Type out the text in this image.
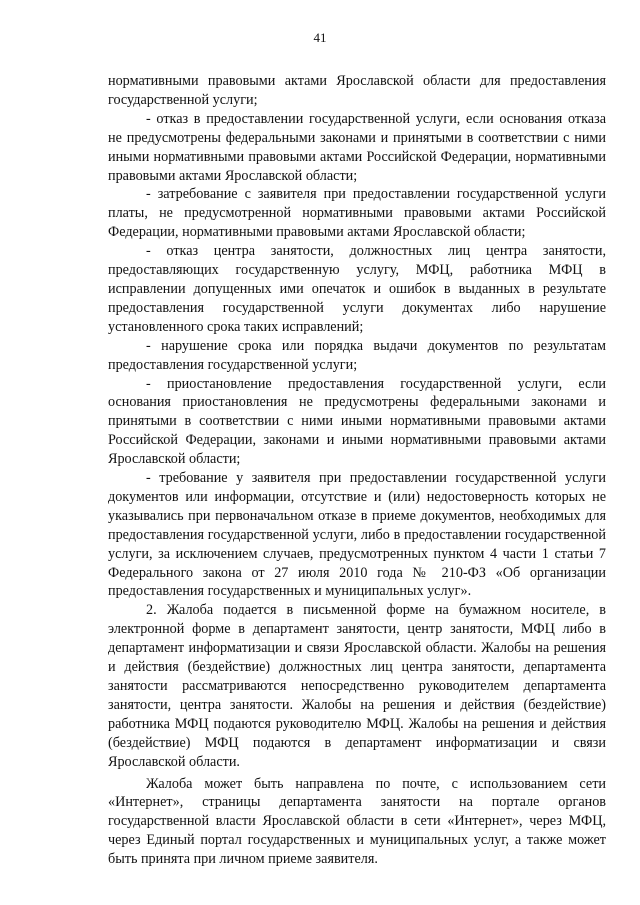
41

нормативными правовыми актами Ярославской области для предоставления государственной услуги;

- отказ в предоставлении государственной услуги, если основания отказа не предусмотрены федеральными законами и принятыми в соответствии с ними иными нормативными правовыми актами Российской Федерации, нормативными правовыми актами Ярославской области;

- затребование с заявителя при предоставлении государственной услуги платы, не предусмотренной нормативными правовыми актами Российской Федерации, нормативными правовыми актами Ярославской области;

- отказ центра занятости, должностных лиц центра занятости, предоставляющих государственную услугу, МФЦ, работника МФЦ в исправлении допущенных ими опечаток и ошибок в выданных в результате предоставления государственной услуги документах либо нарушение установленного срока таких исправлений;

- нарушение срока или порядка выдачи документов по результатам предоставления государственной услуги;

- приостановление предоставления государственной услуги, если основания приостановления не предусмотрены федеральными законами и принятыми в соответствии с ними иными нормативными правовыми актами Российской Федерации, законами и иными нормативными правовыми актами Ярославской области;

- требование у заявителя при предоставлении государственной услуги документов или информации, отсутствие и (или) недостоверность которых не указывались при первоначальном отказе в приеме документов, необходимых для предоставления государственной услуги, либо в предоставлении государственной услуги, за исключением случаев, предусмотренных пунктом 4 части 1 статьи 7 Федерального закона от 27 июля 2010 года № 210-ФЗ «Об организации предоставления государственных и муниципальных услуг».

2. Жалоба подается в письменной форме на бумажном носителе, в электронной форме в департамент занятости, центр занятости, МФЦ либо в департамент информатизации и связи Ярославской области. Жалобы на решения и действия (бездействие) должностных лиц центра занятости, департамента занятости рассматриваются непосредственно руководителем департамента занятости, центра занятости. Жалобы на решения и действия (бездействие) работника МФЦ подаются руководителю МФЦ. Жалобы на решения и действия (бездействие) МФЦ подаются в департамент информатизации и связи Ярославской области.

Жалоба может быть направлена по почте, с использованием сети «Интернет», страницы департамента занятости на портале органов государственной власти Ярославской области в сети «Интернет», через МФЦ, через Единый портал государственных и муниципальных услуг, а также может быть принята при личном приеме заявителя.
